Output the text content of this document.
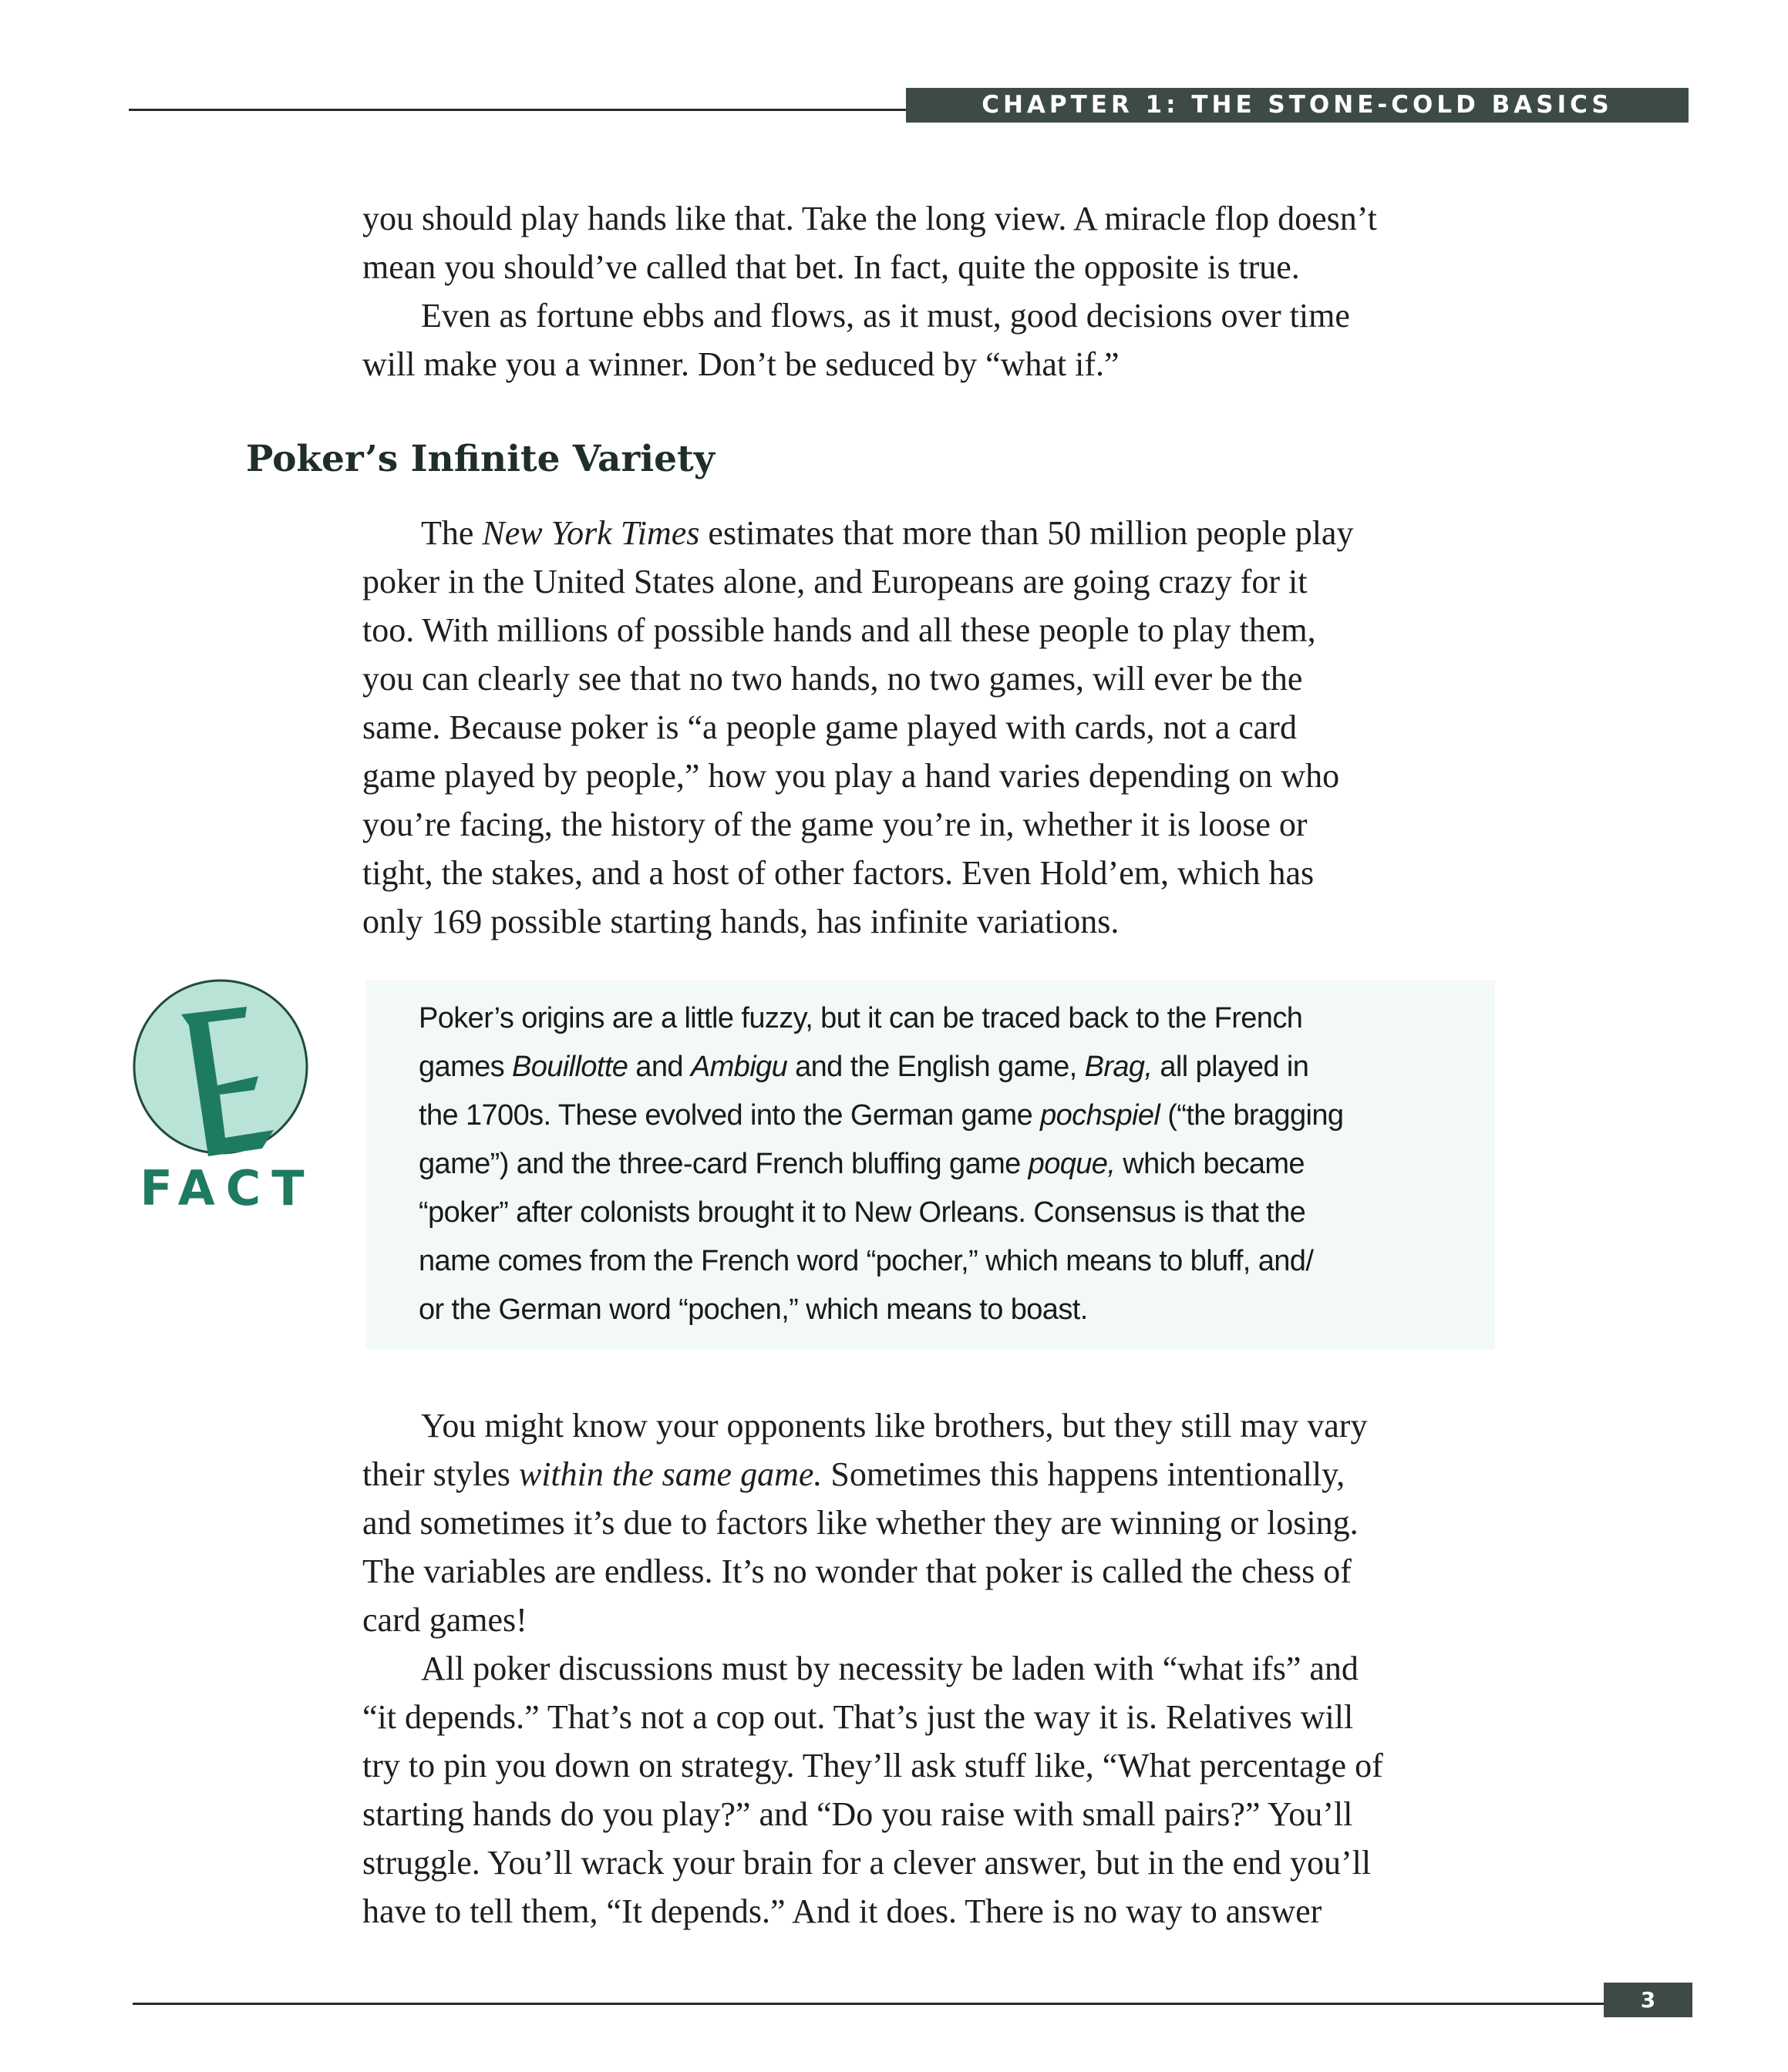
CHAPTER 1: THE STONE-COLD BASICS
you should play hands like that. Take the long view. A miracle flop doesn’t
mean you should’ve called that bet. In fact, quite the opposite is true.
Even as fortune ebbs and flows, as it must, good decisions over time
will make you a winner. Don’t be seduced by “what if.”
Poker’s Infinite Variety
The New York Times estimates that more than 50 million people play
poker in the United States alone, and Europeans are going crazy for it
too. With millions of possible hands and all these people to play them,
you can clearly see that no two hands, no two games, will ever be the
same. Because poker is “a people game played with cards, not a card
game played by people,” how you play a hand varies depending on who
you’re facing, the history of the game you’re in, whether it is loose or
tight, the stakes, and a host of other factors. Even Hold’em, which has
only 169 possible starting hands, has infinite variations.
FACT
Poker’s origins are a little fuzzy, but it can be traced back to the French
games Bouillotte and Ambigu and the English game, Brag, all played in
the 1700s. These evolved into the German game pochspiel (“the bragging
game”) and the three-card French bluffing game poque, which became
“poker” after colonists brought it to New Orleans. Consensus is that the
name comes from the French word “pocher,” which means to bluff, and/
or the German word “pochen,” which means to boast.
You might know your opponents like brothers, but they still may vary
their styles within the same game. Sometimes this happens intentionally,
and sometimes it’s due to factors like whether they are winning or losing.
The variables are endless. It’s no wonder that poker is called the chess of
card games!
All poker discussions must by necessity be laden with “what ifs” and
“it depends.” That’s not a cop out. That’s just the way it is. Relatives will
try to pin you down on strategy. They’ll ask stuff like, “What percentage of
starting hands do you play?” and “Do you raise with small pairs?” You’ll
struggle. You’ll wrack your brain for a clever answer, but in the end you’ll
have to tell them, “It depends.” And it does. There is no way to answer
3
